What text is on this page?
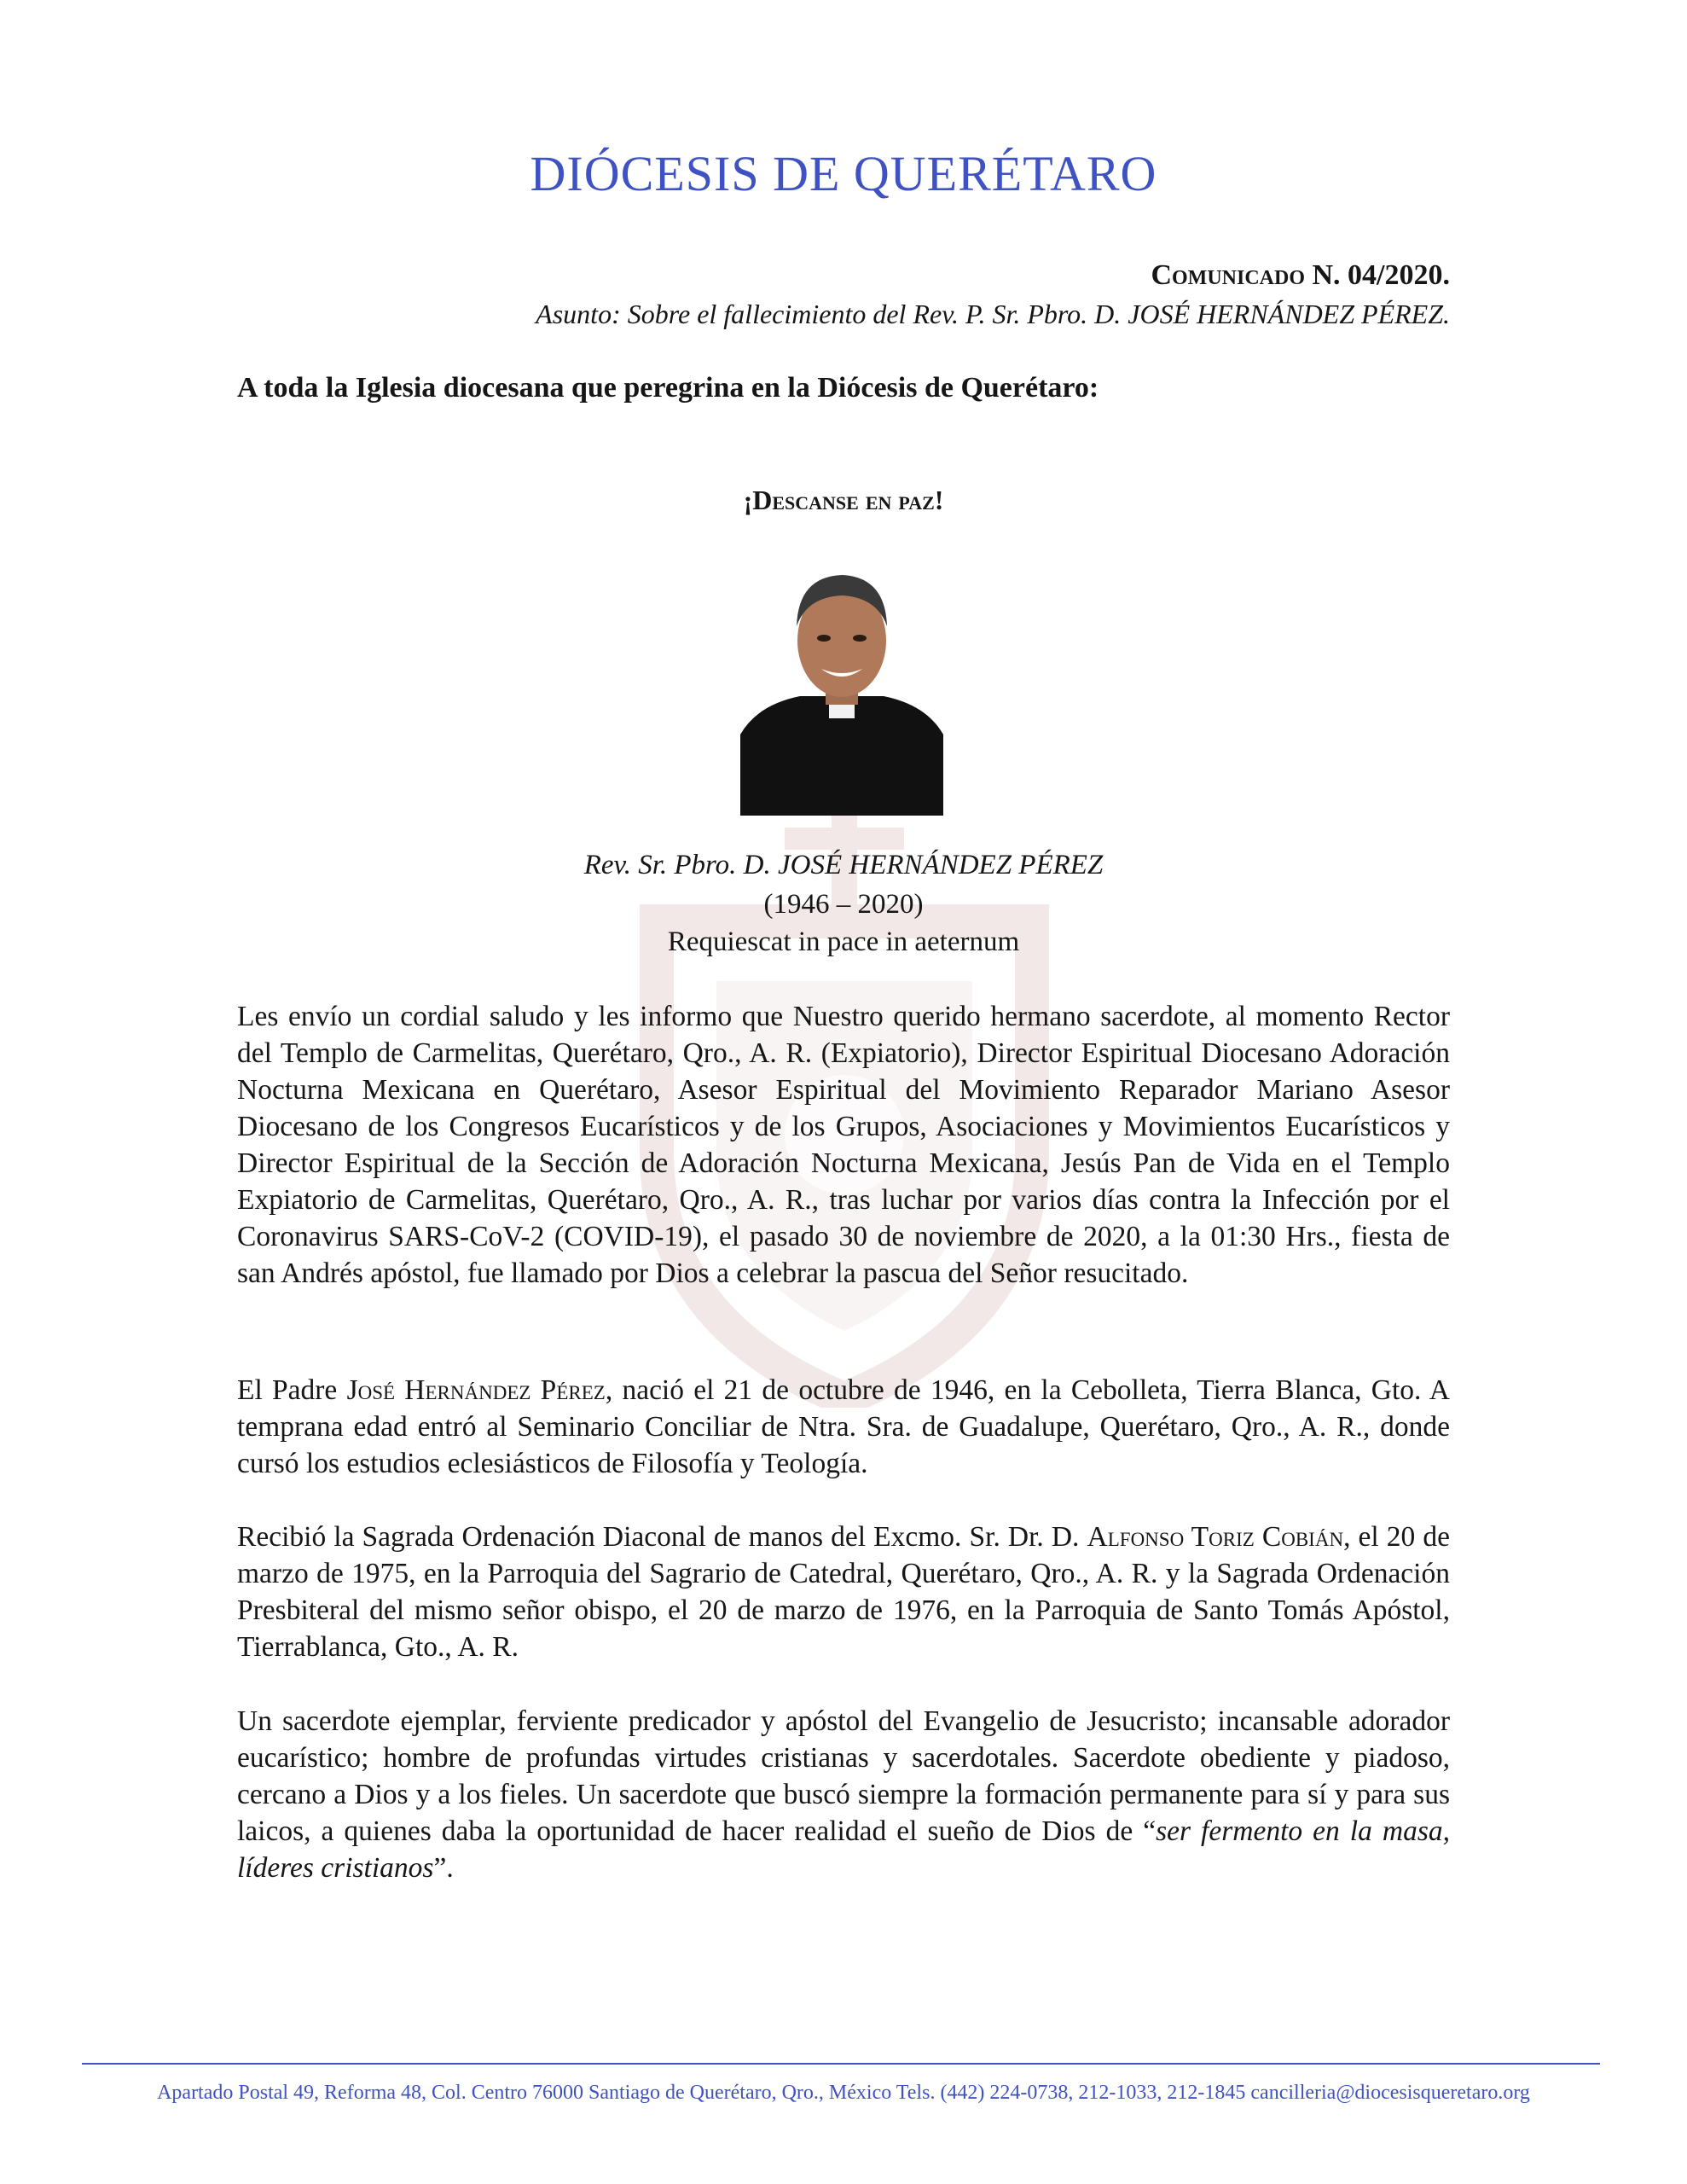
DIÓCESIS DE QUERÉTARO
Comunicado N. 04/2020.
Asunto: Sobre el fallecimiento del Rev. P. Sr. Pbro. D. JOSÉ HERNÁNDEZ PÉREZ.
A toda la Iglesia diocesana que peregrina en la Diócesis de Querétaro:
¡Descanse en paz!
Rev. Sr. Pbro. D. JOSÉ HERNÁNDEZ PÉREZ
(1946 – 2020)
Requiescat in pace in aeternum
Les envío un cordial saludo y les informo que Nuestro querido hermano sacerdote, al momento Rector del Templo de Carmelitas, Querétaro, Qro., A. R. (Expiatorio), Director Espiritual Diocesano Adoración Nocturna Mexicana en Querétaro, Asesor Espiritual del Movimiento Reparador Mariano Asesor Diocesano de los Congresos Eucarísticos y de los Grupos, Asociaciones y Movimientos Eucarísticos y Director Espiritual de la Sección de Adoración Nocturna Mexicana, Jesús Pan de Vida en el Templo Expiatorio de Carmelitas, Querétaro, Qro., A. R., tras luchar por varios días contra la Infección por el Coronavirus SARS-CoV-2 (COVID-19), el pasado 30 de noviembre de 2020, a la 01:30 Hrs., fiesta de san Andrés apóstol, fue llamado por Dios a celebrar la pascua del Señor resucitado.
El Padre José Hernández Pérez, nació el 21 de octubre de 1946, en la Cebolleta, Tierra Blanca, Gto. A temprana edad entró al Seminario Conciliar de Ntra. Sra. de Guadalupe, Querétaro, Qro., A. R., donde cursó los estudios eclesiásticos de Filosofía y Teología.
Recibió la Sagrada Ordenación Diaconal de manos del Excmo. Sr. Dr. D. Alfonso Toriz Cobián, el 20 de marzo de 1975, en la Parroquia del Sagrario de Catedral, Querétaro, Qro., A. R. y la Sagrada Ordenación Presbiteral del mismo señor obispo, el 20 de marzo de 1976, en la Parroquia de Santo Tomás Apóstol, Tierrablanca, Gto., A. R.
Un sacerdote ejemplar, ferviente predicador y apóstol del Evangelio de Jesucristo; incansable adorador eucarístico; hombre de profundas virtudes cristianas y sacerdotales. Sacerdote obediente y piadoso, cercano a Dios y a los fieles. Un sacerdote que buscó siempre la formación permanente para sí y para sus laicos, a quienes daba la oportunidad de hacer realidad el sueño de Dios de “ser fermento en la masa, líderes cristianos”.
Apartado Postal 49, Reforma 48, Col. Centro 76000 Santiago de Querétaro, Qro., México Tels. (442) 224-0738, 212-1033, 212-1845 cancilleria@diocesisqueretaro.org
